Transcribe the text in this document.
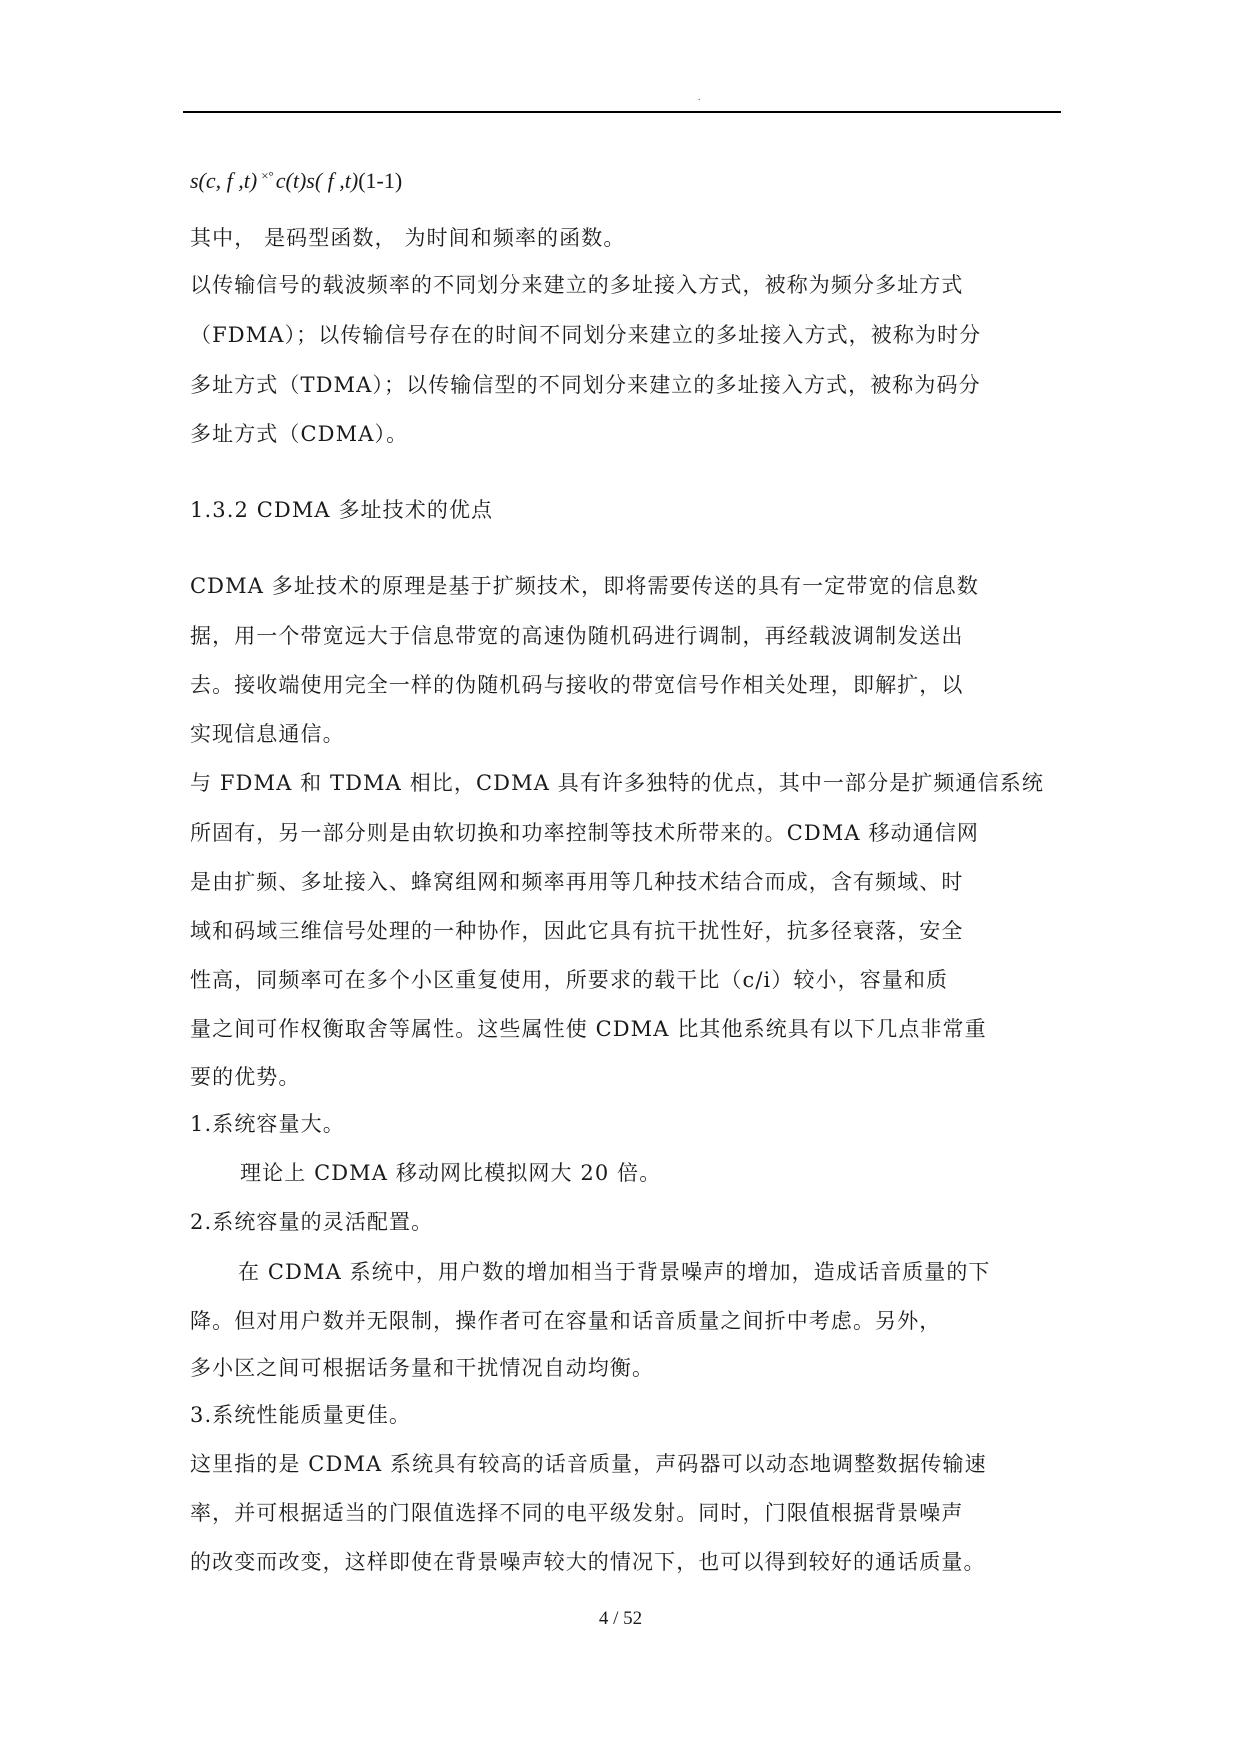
.
s(c, f ,t) ×°c(t)s( f ,t)(1-1)
其中， 是码型函数， 为时间和频率的函数。
以传输信号的载波频率的不同划分来建立的多址接入方式，被称为频分多址方式
（FDMA）；以传输信号存在的时间不同划分来建立的多址接入方式，被称为时分
多址方式（TDMA）；以传输信型的不同划分来建立的多址接入方式，被称为码分
多址方式（CDMA）。
1.3.2 CDMA 多址技术的优点
CDMA 多址技术的原理是基于扩频技术，即将需要传送的具有一定带宽的信息数
据，用一个带宽远大于信息带宽的高速伪随机码进行调制，再经载波调制发送出
去。接收端使用完全一样的伪随机码与接收的带宽信号作相关处理，即解扩，以
实现信息通信。
与 FDMA 和 TDMA 相比，CDMA 具有许多独特的优点，其中一部分是扩频通信系统
所固有，另一部分则是由软切换和功率控制等技术所带来的。CDMA 移动通信网
是由扩频、多址接入、蜂窝组网和频率再用等几种技术结合而成，含有频域、时
域和码域三维信号处理的一种协作，因此它具有抗干扰性好，抗多径衰落，安全
性高，同频率可在多个小区重复使用，所要求的载干比（c/i）较小，容量和质
量之间可作权衡取舍等属性。这些属性使 CDMA 比其他系统具有以下几点非常重
要的优势。
1.系统容量大。
理论上 CDMA 移动网比模拟网大 20 倍。
2.系统容量的灵活配置。
在 CDMA 系统中，用户数的增加相当于背景噪声的增加，造成话音质量的下
降。但对用户数并无限制，操作者可在容量和话音质量之间折中考虑。另外，
多小区之间可根据话务量和干扰情况自动均衡。
3.系统性能质量更佳。
这里指的是 CDMA 系统具有较高的话音质量，声码器可以动态地调整数据传输速
率，并可根据适当的门限值选择不同的电平级发射。同时，门限值根据背景噪声
的改变而改变，这样即使在背景噪声较大的情况下，也可以得到较好的通话质量。
4 / 52
